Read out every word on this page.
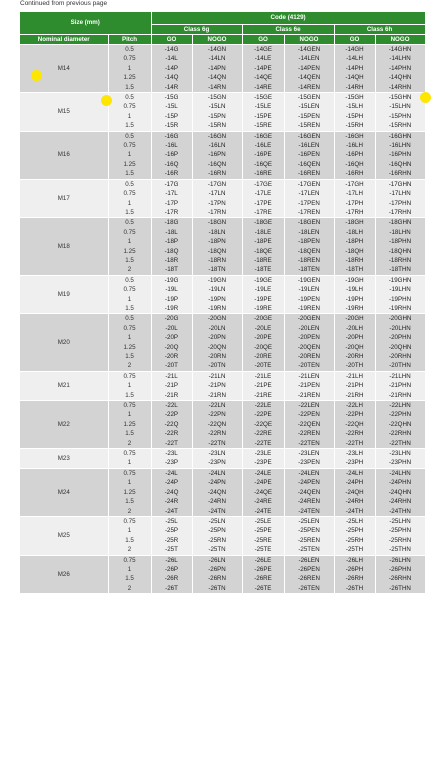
Continued from previous page
Size (mm)		Code (4129)					
		Class 6g		Class 6e		Class 6h	
Nominal diameter	Pitch	GO	NOGO	GO	NOGO	GO	NOGO
M14	0.5	-14G	-14GN	-14GE	-14GEN	-14GH	-14GHN
	0.75	-14L	-14LN	-14LE	-14LEN	-14LH	-14LHN
	1	-14P	-14PN	-14PE	-14PEN	-14PH	-14PHN
	1.25	-14Q	-14QN	-14QE	-14QEN	-14QH	-14QHN
	1.5	-14R	-14RN	-14RE	-14REN	-14RH	-14RHN
M15	0.5	-15G	-15GN	-15GE	-15GEN	-15GH	-15GHN
	0.75	-15L	-15LN	-15LE	-15LEN	-15LH	-15LHN
	1	-15P	-15PN	-15PE	-15PEN	-15PH	-15PHN
	1.5	-15R	-15RN	-15RE	-15REN	-15RH	-15RHN
M16	0.5	-16G	-16GN	-16GE	-16GEN	-16GH	-16GHN
	0.75	-16L	-16LN	-16LE	-16LEN	-16LH	-16LHN
	1	-16P	-16PN	-16PE	-16PEN	-16PH	-16PHN
	1.25	-16Q	-16QN	-16QE	-16QEN	-16QH	-16QHN
	1.5	-16R	-16RN	-16RE	-16REN	-16RH	-16RHN
M17	0.5	-17G	-17GN	-17GE	-17GEN	-17GH	-17GHN
	0.75	-17L	-17LN	-17LE	-17LEN	-17LH	-17LHN
	1	-17P	-17PN	-17PE	-17PEN	-17PH	-17PHN
	1.5	-17R	-17RN	-17RE	-17REN	-17RH	-17RHN
M18	0.5	-18G	-18GN	-18GE	-18GEN	-18GH	-18GHN
	0.75	-18L	-18LN	-18LE	-18LEN	-18LH	-18LHN
	1	-18P	-18PN	-18PE	-18PEN	-18PH	-18PHN
	1.25	-18Q	-18QN	-18QE	-18QEN	-18QH	-18QHN
	1.5	-18R	-18RN	-18RE	-18REN	-18RH	-18RHN
	2	-18T	-18TN	-18TE	-18TEN	-18TH	-18THN
M19	0.5	-19G	-19GN	-19GE	-19GEN	-19GH	-19GHN
	0.75	-19L	-19LN	-19LE	-19LEN	-19LH	-19LHN
	1	-19P	-19PN	-19PE	-19PEN	-19PH	-19PHN
	1.5	-19R	-19RN	-19RE	-19REN	-19RH	-19RHN
M20	0.5	-20G	-20GN	-20GE	-20GEN	-20GH	-20GHN
	0.75	-20L	-20LN	-20LE	-20LEN	-20LH	-20LHN
	1	-20P	-20PN	-20PE	-20PEN	-20PH	-20PHN
	1.25	-20Q	-20QN	-20QE	-20QEN	-20QH	-20QHN
	1.5	-20R	-20RN	-20RE	-20REN	-20RH	-20RHN
	2	-20T	-20TN	-20TE	-20TEN	-20TH	-20THN
M21	0.75	-21L	-21LN	-21LE	-21LEN	-21LH	-21LHN
	1	-21P	-21PN	-21PE	-21PEN	-21PH	-21PHN
	1.5	-21R	-21RN	-21RE	-21REN	-21RH	-21RHN
M22	0.75	-22L	-22LN	-22LE	-22LEN	-22LH	-22LHN
	1	-22P	-22PN	-22PE	-22PEN	-22PH	-22PHN
	1.25	-22Q	-22QN	-22QE	-22QEN	-22QH	-22QHN
	1.5	-22R	-22RN	-22RE	-22REN	-22RH	-22RHN
	2	-22T	-22TN	-22TE	-22TEN	-22TH	-22THN
M23	0.75	-23L	-23LN	-23LE	-23LEN	-23LH	-23LHN
	1	-23P	-23PN	-23PE	-23PEN	-23PH	-23PHN
M24	0.75	-24L	-24LN	-24LE	-24LEN	-24LH	-24LHN
	1	-24P	-24PN	-24PE	-24PEN	-24PH	-24PHN
	1.25	-24Q	-24QN	-24QE	-24QEN	-24QH	-24QHN
	1.5	-24R	-24RN	-24RE	-24REN	-24RH	-24RHN
	2	-24T	-24TN	-24TE	-24TEN	-24TH	-24THN
M25	0.75	-25L	-25LN	-25LE	-25LEN	-25LH	-25LHN
	1	-25P	-25PN	-25PE	-25PEN	-25PH	-25PHN
	1.5	-25R	-25RN	-25RE	-25REN	-25RH	-25RHN
	2	-25T	-25TN	-25TE	-25TEN	-25TH	-25THN
M26	0.75	-26L	-26LN	-26LE	-26LEN	-26LH	-26LHN
	1	-26P	-26PN	-26PE	-26PEN	-26PH	-26PHN
	1.5	-26R	-26RN	-26RE	-26REN	-26RH	-26RHN
	2	-26T	-26TN	-26TE	-26TEN	-26TH	-26THN
